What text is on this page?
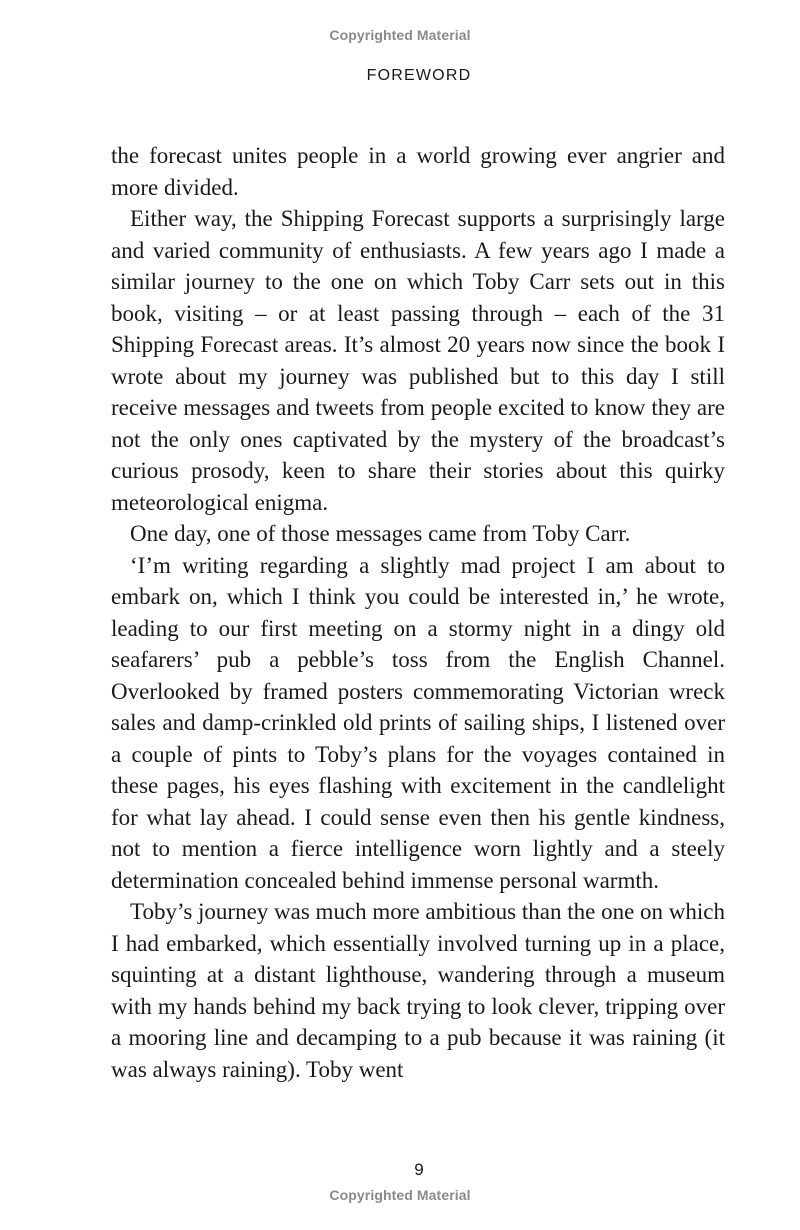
Copyrighted Material
FOREWORD

the forecast unites people in a world growing ever angrier and more divided.

Either way, the Shipping Forecast supports a surprisingly large and varied community of enthusiasts. A few years ago I made a similar journey to the one on which Toby Carr sets out in this book, visiting – or at least passing through – each of the 31 Shipping Forecast areas. It’s almost 20 years now since the book I wrote about my journey was published but to this day I still receive messages and tweets from people excited to know they are not the only ones captivated by the mystery of the broadcast’s curious prosody, keen to share their stories about this quirky meteorological enigma.

One day, one of those messages came from Toby Carr.

‘I’m writing regarding a slightly mad project I am about to embark on, which I think you could be interested in,’ he wrote, leading to our first meeting on a stormy night in a dingy old seafarers’ pub a pebble’s toss from the English Channel. Overlooked by framed posters commemorating Victorian wreck sales and damp-crinkled old prints of sailing ships, I listened over a couple of pints to Toby’s plans for the voyages contained in these pages, his eyes flashing with excitement in the candlelight for what lay ahead. I could sense even then his gentle kindness, not to mention a fierce intelligence worn lightly and a steely determination concealed behind immense personal warmth.

Toby’s journey was much more ambitious than the one on which I had embarked, which essentially involved turning up in a place, squinting at a distant lighthouse, wandering through a museum with my hands behind my back trying to look clever, tripping over a mooring line and decamping to a pub because it was raining (it was always raining). Toby went

9
Copyrighted Material
